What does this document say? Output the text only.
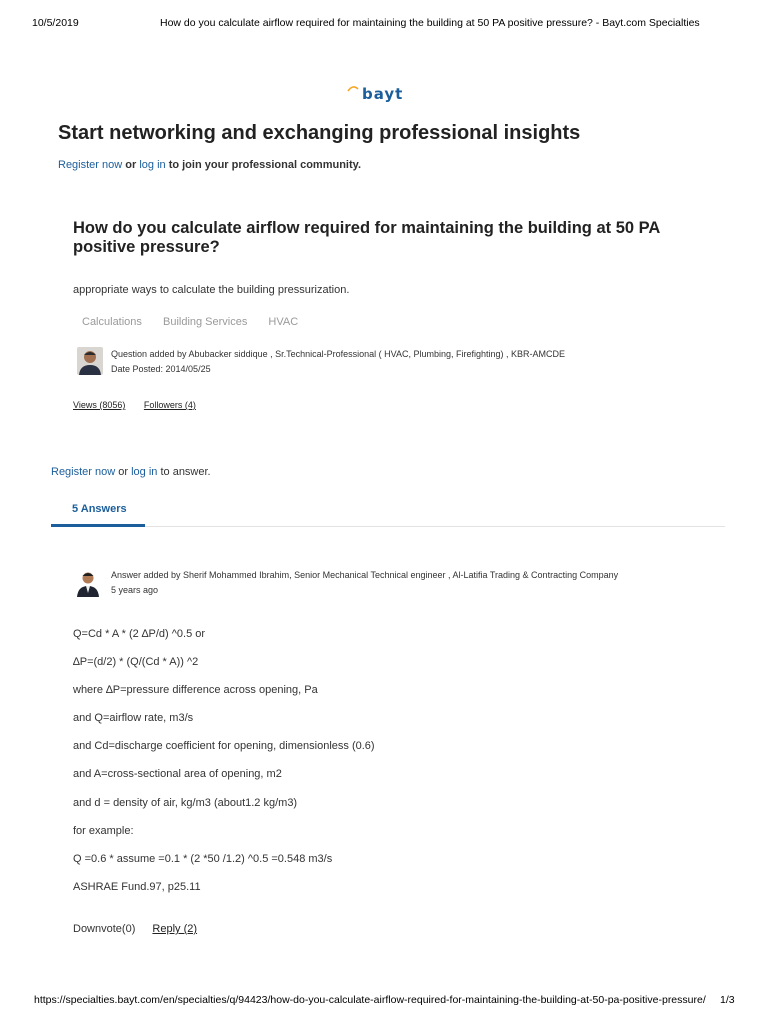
10/5/2019	How do you calculate airflow required for maintaining the building at 50 PA positive pressure? - Bayt.com Specialties
bayt
Start networking and exchanging professional insights
Register now or log in to join your professional community.
How do you calculate airflow required for maintaining the building at 50 PA positive pressure?
appropriate ways to calculate the building pressurization.
Calculations Building Services HVAC
Question added by Abubacker siddique , Sr.Technical-Professional ( HVAC, Plumbing, Firefighting) , KBR-AMCDE
Date Posted: 2014/05/25
Views (8056) Followers (4)
Register now or log in to answer.
5 Answers
Answer added by Sherif Mohammed Ibrahim, Senior Mechanical Technical engineer , Al-Latifia Trading & Contracting Company
5 years ago
Q=Cd * A * (2 ∆P/d) ^0.5 or
∆P=(d/2) * (Q/(Cd * A)) ^2
where ∆P=pressure difference across opening, Pa
and Q=airflow rate, m3/s
and Cd=discharge coefficient for opening, dimensionless (0.6)
and A=cross-sectional area of opening, m2
and d = density of air, kg/m3 (about1.2 kg/m3)
for example:
Q =0.6 * assume =0.1 * (2 *50 /1.2) ^0.5 =0.548 m3/s
ASHRAE Fund.97, p25.11
Downvote(0) Reply (2)
https://specialties.bayt.com/en/specialties/q/94423/how-do-you-calculate-airflow-required-for-maintaining-the-building-at-50-pa-positive-pressure/ 1/3
